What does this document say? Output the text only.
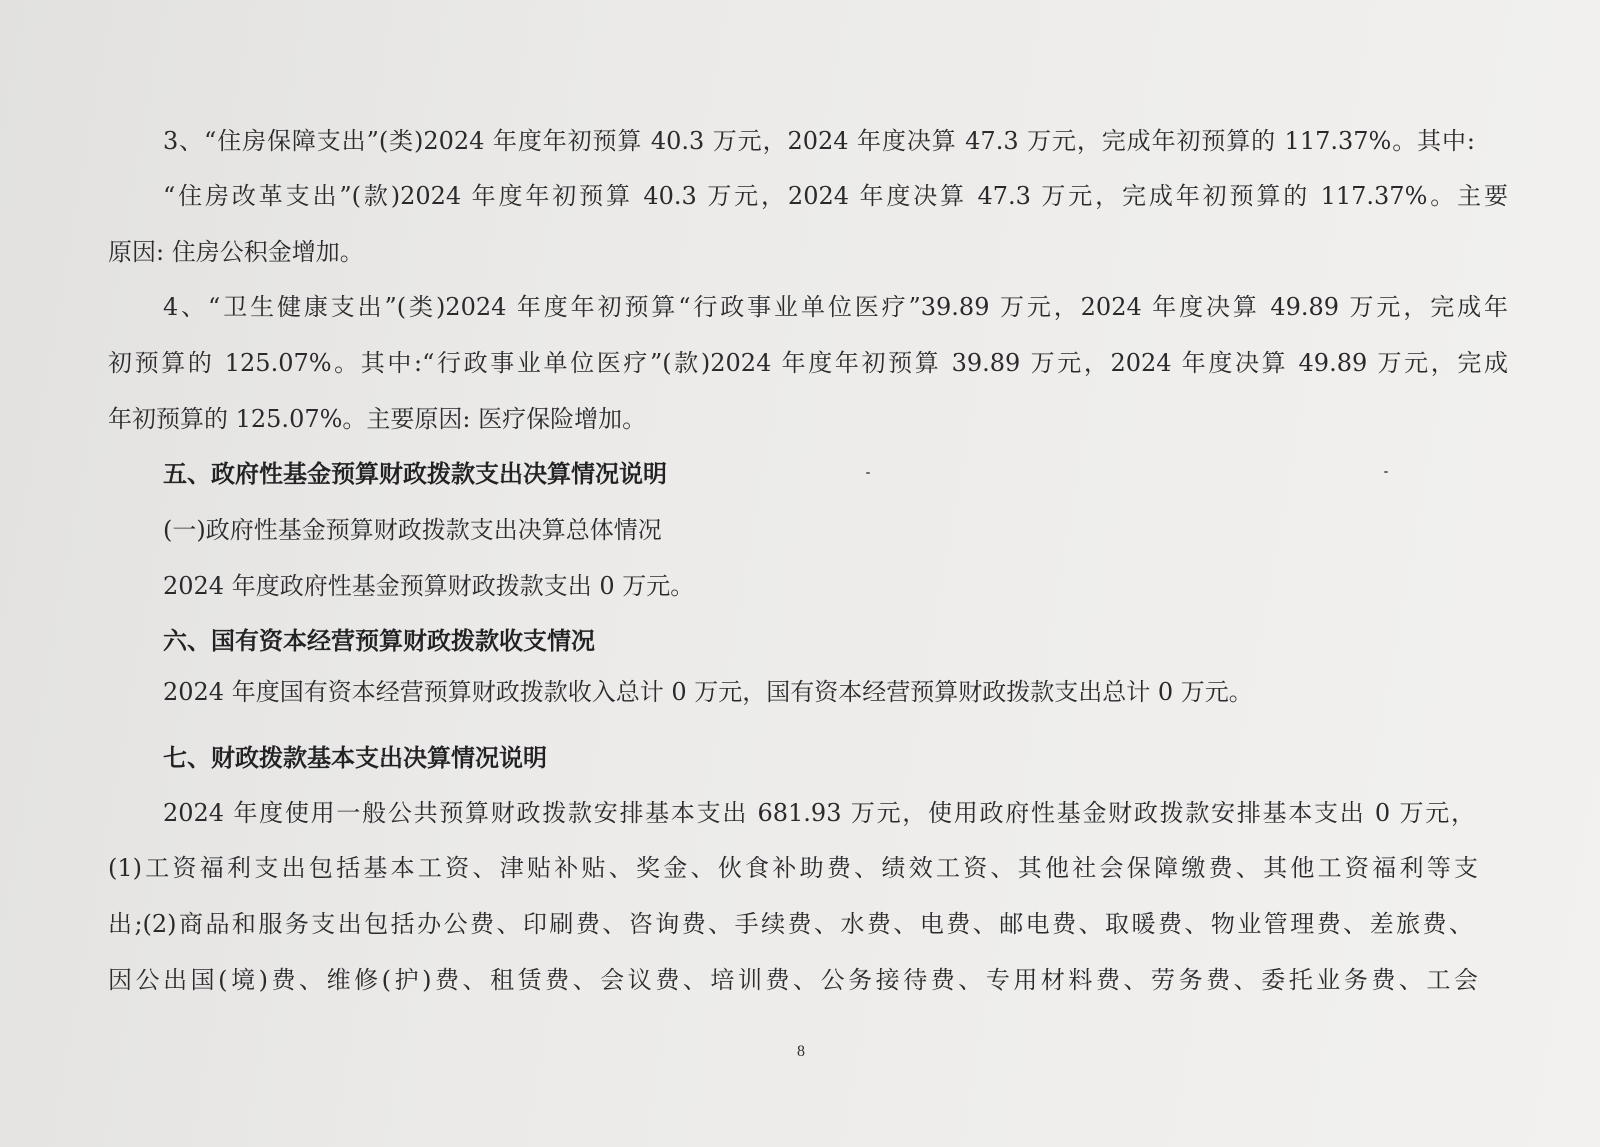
3、“住房保障支出”(类)2024 年度年初预算 40.3 万元，2024 年度决算 47.3 万元，完成年初预算的 117.37%。其中:

“住房改革支出”(款)2024 年度年初预算 40.3 万元，2024 年度决算 47.3 万元，完成年初预算的 117.37%。主要

原因: 住房公积金增加。

4、“卫生健康支出”(类)2024 年度年初预算“行政事业单位医疗”39.89 万元，2024 年度决算 49.89 万元，完成年

初预算的 125.07%。其中:“行政事业单位医疗”(款)2024 年度年初预算 39.89 万元，2024 年度决算 49.89 万元，完成

年初预算的 125.07%。主要原因: 医疗保险增加。

五、政府性基金预算财政拨款支出决算情况说明

(一)政府性基金预算财政拨款支出决算总体情况

2024 年度政府性基金预算财政拨款支出 0 万元。

六、国有资本经营预算财政拨款收支情况

2024 年度国有资本经营预算财政拨款收入总计 0 万元，国有资本经营预算财政拨款支出总计 0 万元。

七、财政拨款基本支出决算情况说明

2024 年度使用一般公共预算财政拨款安排基本支出 681.93 万元，使用政府性基金财政拨款安排基本支出 0 万元，

(1)工资福利支出包括基本工资、津贴补贴、奖金、伙食补助费、绩效工资、其他社会保障缴费、其他工资福利等支

出;(2)商品和服务支出包括办公费、印刷费、咨询费、手续费、水费、电费、邮电费、取暖费、物业管理费、差旅费、

因公出国(境)费、维修(护)费、租赁费、会议费、培训费、公务接待费、专用材料费、劳务费、委托业务费、工会

8
